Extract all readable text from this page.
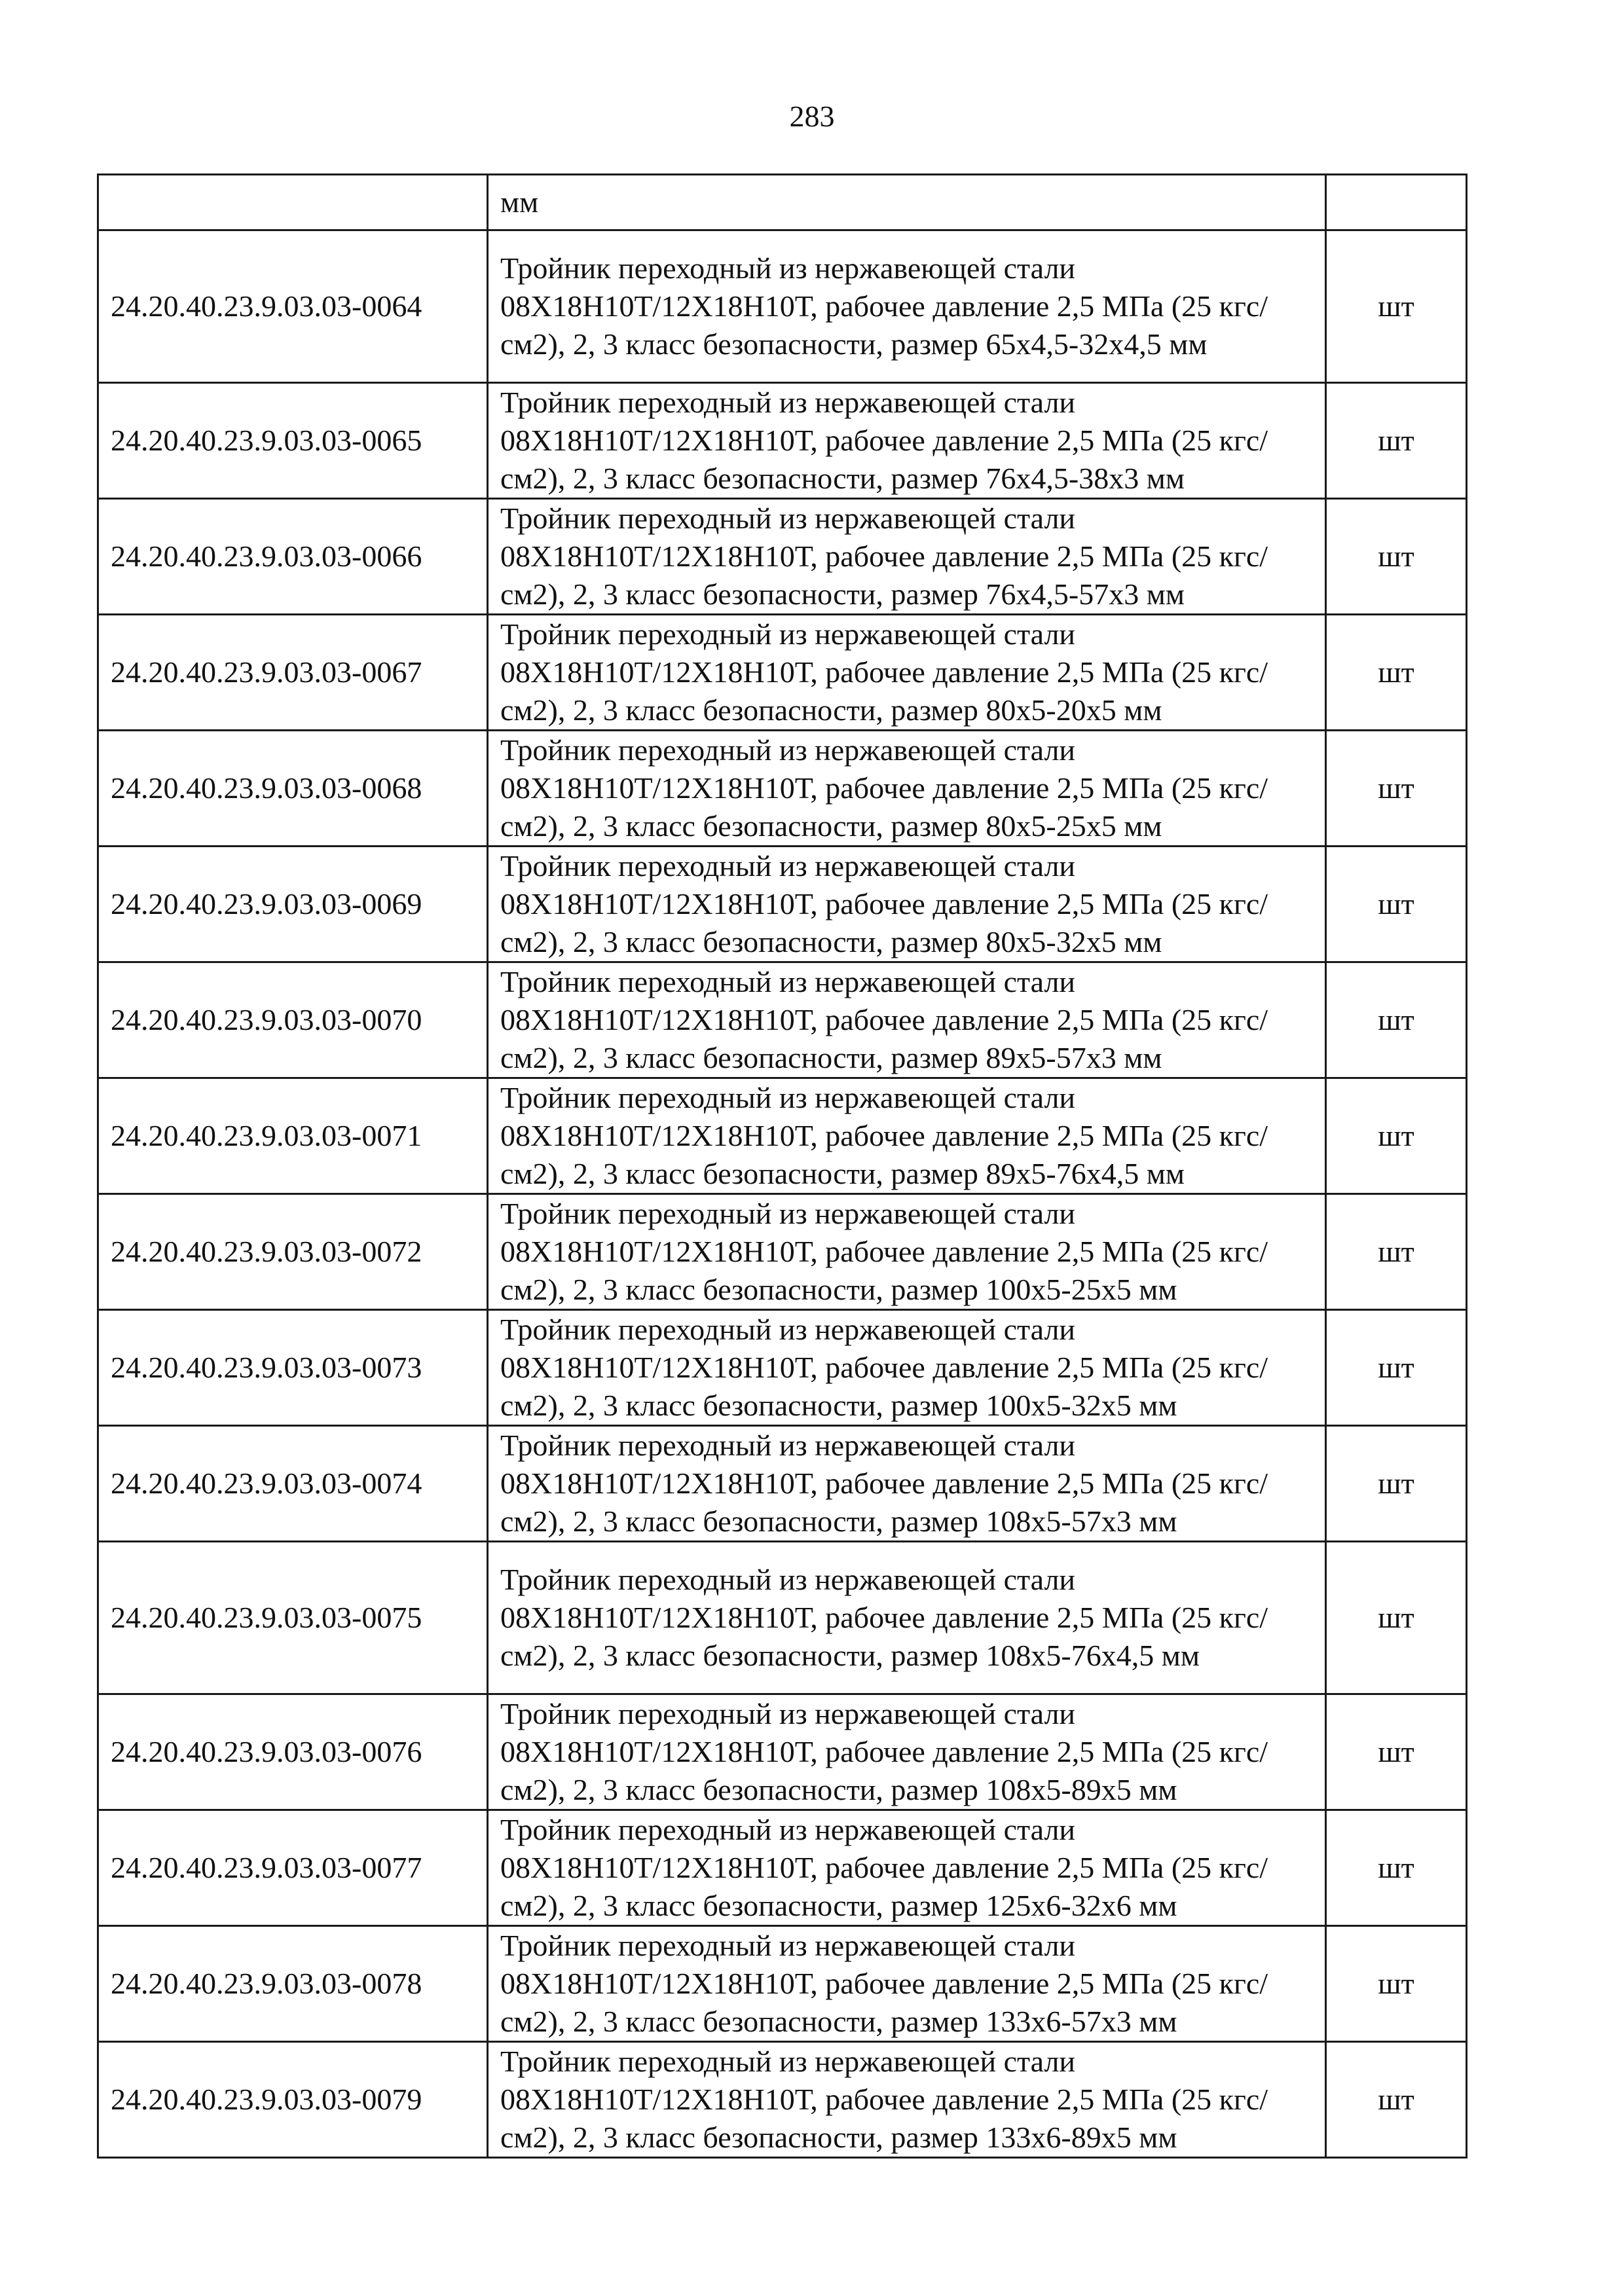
283
	мм	
24.20.40.23.9.03.03-0064	Тройник переходный из нержавеющей стали 08Х18Н10Т/12Х18Н10Т, рабочее давление 2,5 МПа (25 кгс/см2), 2, 3 класс безопасности, размер 65х4,5-32х4,5 мм	шт
24.20.40.23.9.03.03-0065	Тройник переходный из нержавеющей стали 08Х18Н10Т/12Х18Н10Т, рабочее давление 2,5 МПа (25 кгс/см2), 2, 3 класс безопасности, размер 76х4,5-38х3 мм	шт
24.20.40.23.9.03.03-0066	Тройник переходный из нержавеющей стали 08Х18Н10Т/12Х18Н10Т, рабочее давление 2,5 МПа (25 кгс/см2), 2, 3 класс безопасности, размер 76х4,5-57х3 мм	шт
24.20.40.23.9.03.03-0067	Тройник переходный из нержавеющей стали 08Х18Н10Т/12Х18Н10Т, рабочее давление 2,5 МПа (25 кгс/см2), 2, 3 класс безопасности, размер 80х5-20х5 мм	шт
24.20.40.23.9.03.03-0068	Тройник переходный из нержавеющей стали 08Х18Н10Т/12Х18Н10Т, рабочее давление 2,5 МПа (25 кгс/см2), 2, 3 класс безопасности, размер 80х5-25х5 мм	шт
24.20.40.23.9.03.03-0069	Тройник переходный из нержавеющей стали 08Х18Н10Т/12Х18Н10Т, рабочее давление 2,5 МПа (25 кгс/см2), 2, 3 класс безопасности, размер 80х5-32х5 мм	шт
24.20.40.23.9.03.03-0070	Тройник переходный из нержавеющей стали 08Х18Н10Т/12Х18Н10Т, рабочее давление 2,5 МПа (25 кгс/см2), 2, 3 класс безопасности, размер 89х5-57х3 мм	шт
24.20.40.23.9.03.03-0071	Тройник переходный из нержавеющей стали 08Х18Н10Т/12Х18Н10Т, рабочее давление 2,5 МПа (25 кгс/см2), 2, 3 класс безопасности, размер 89х5-76х4,5 мм	шт
24.20.40.23.9.03.03-0072	Тройник переходный из нержавеющей стали 08Х18Н10Т/12Х18Н10Т, рабочее давление 2,5 МПа (25 кгс/см2), 2, 3 класс безопасности, размер 100х5-25х5 мм	шт
24.20.40.23.9.03.03-0073	Тройник переходный из нержавеющей стали 08Х18Н10Т/12Х18Н10Т, рабочее давление 2,5 МПа (25 кгс/см2), 2, 3 класс безопасности, размер 100х5-32х5 мм	шт
24.20.40.23.9.03.03-0074	Тройник переходный из нержавеющей стали 08Х18Н10Т/12Х18Н10Т, рабочее давление 2,5 МПа (25 кгс/см2), 2, 3 класс безопасности, размер 108х5-57х3 мм	шт
24.20.40.23.9.03.03-0075	Тройник переходный из нержавеющей стали 08Х18Н10Т/12Х18Н10Т, рабочее давление 2,5 МПа (25 кгс/см2), 2, 3 класс безопасности, размер 108х5-76х4,5 мм	шт
24.20.40.23.9.03.03-0076	Тройник переходный из нержавеющей стали 08Х18Н10Т/12Х18Н10Т, рабочее давление 2,5 МПа (25 кгс/см2), 2, 3 класс безопасности, размер 108х5-89х5 мм	шт
24.20.40.23.9.03.03-0077	Тройник переходный из нержавеющей стали 08Х18Н10Т/12Х18Н10Т, рабочее давление 2,5 МПа (25 кгс/см2), 2, 3 класс безопасности, размер 125х6-32х6 мм	шт
24.20.40.23.9.03.03-0078	Тройник переходный из нержавеющей стали 08Х18Н10Т/12Х18Н10Т, рабочее давление 2,5 МПа (25 кгс/см2), 2, 3 класс безопасности, размер 133х6-57х3 мм	шт
24.20.40.23.9.03.03-0079	Тройник переходный из нержавеющей стали 08Х18Н10Т/12Х18Н10Т, рабочее давление 2,5 МПа (25 кгс/см2), 2, 3 класс безопасности, размер 133х6-89х5 мм	шт
